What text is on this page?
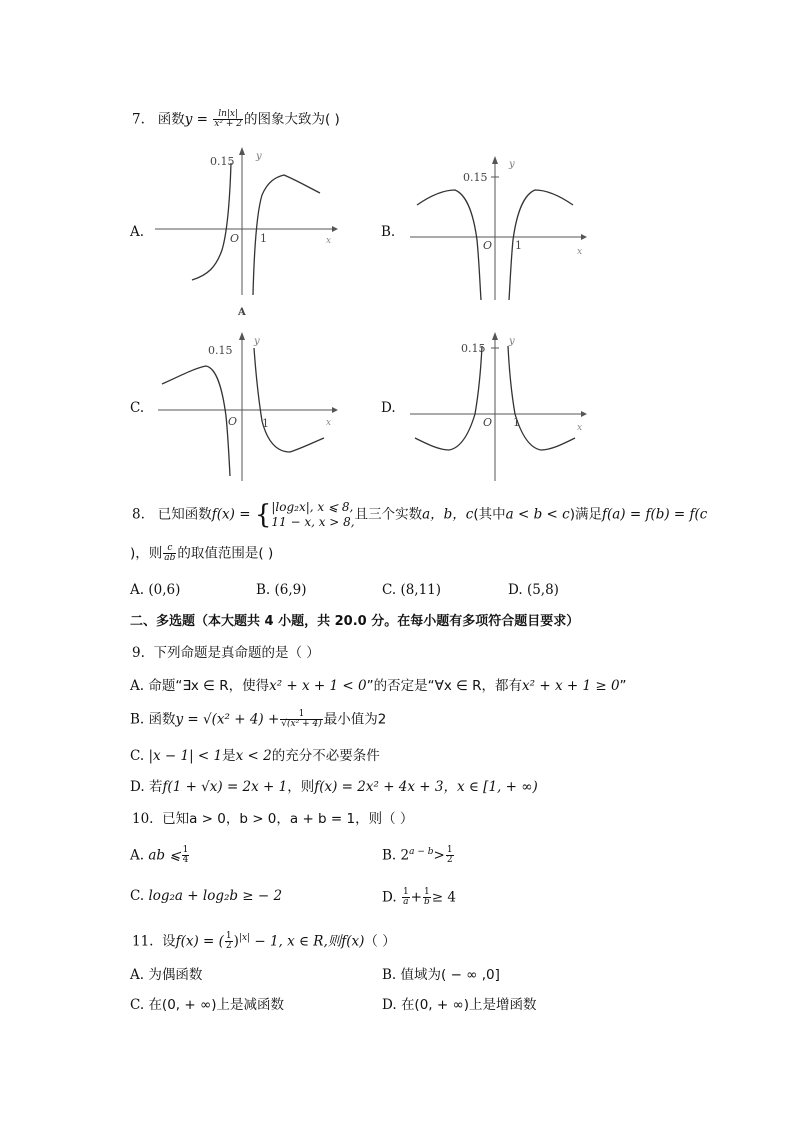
7. 函数$y = \frac{\ln|x|}{\text{x² + 2}}$ 的图象大致为( )
A.
0.15 y
x
O 1
A
B.
0.15
y
x
O 1
C.
0.15
y
x
O 1
D.
0.15
y
x
O 1
8. 已知函数f(x) = { |log₂x|, x ⩽ 8,
11 − x, x > 8, 且三个实数a，b，c(其中a < b < c)满足f(a) = f(b) = f(c
)，则 $\frac{c}{ab}$ 的取值范围是( )
A. (0,6)	B. (6,9)	C. (8,11)	D. (5,8)
二、多选题（本大题共 4 小题，共 20.0 分。在每小题有多项符合题目要求）
9. 下列命题是真命题的是（ ）
A. 命题“∃x ∈ R，使得x² + x + 1 < 0”的否定是“∀x ∈ R，都有x² + x + 1 ≥ 0”
B. 函数$y = √(x^2 + 4) + \frac{1}{\text{√(x² + 4)}}$ 最小值为2
C. |x − 1| < 1是x < 2的充分不必要条件
D. 若f(1 + √x) = 2x + 1，则f(x) = 2x² + 4x + 3，x ∈ [1, + ∞)
10. 已知a > 0，b > 0，a + b = 1，则（ ）
A. ab ⩽ $\frac{1}{4}$	B. $2^{a - b}> \frac{1}{2}$
C. log₂a + log₂b ≥ − 2	D. $\frac{1}{a} + \frac{1}{b} \ge 4$
11. 设f(x) = ( $\frac{1}{2} )^{|x|} - 1$, x ∈ R,则f(x)（ ）
A. 为偶函数	B. 值域为( − ∞ ,0]
C. 在(0, + ∞)上是减函数	D. 在(0, + ∞)上是增函数
